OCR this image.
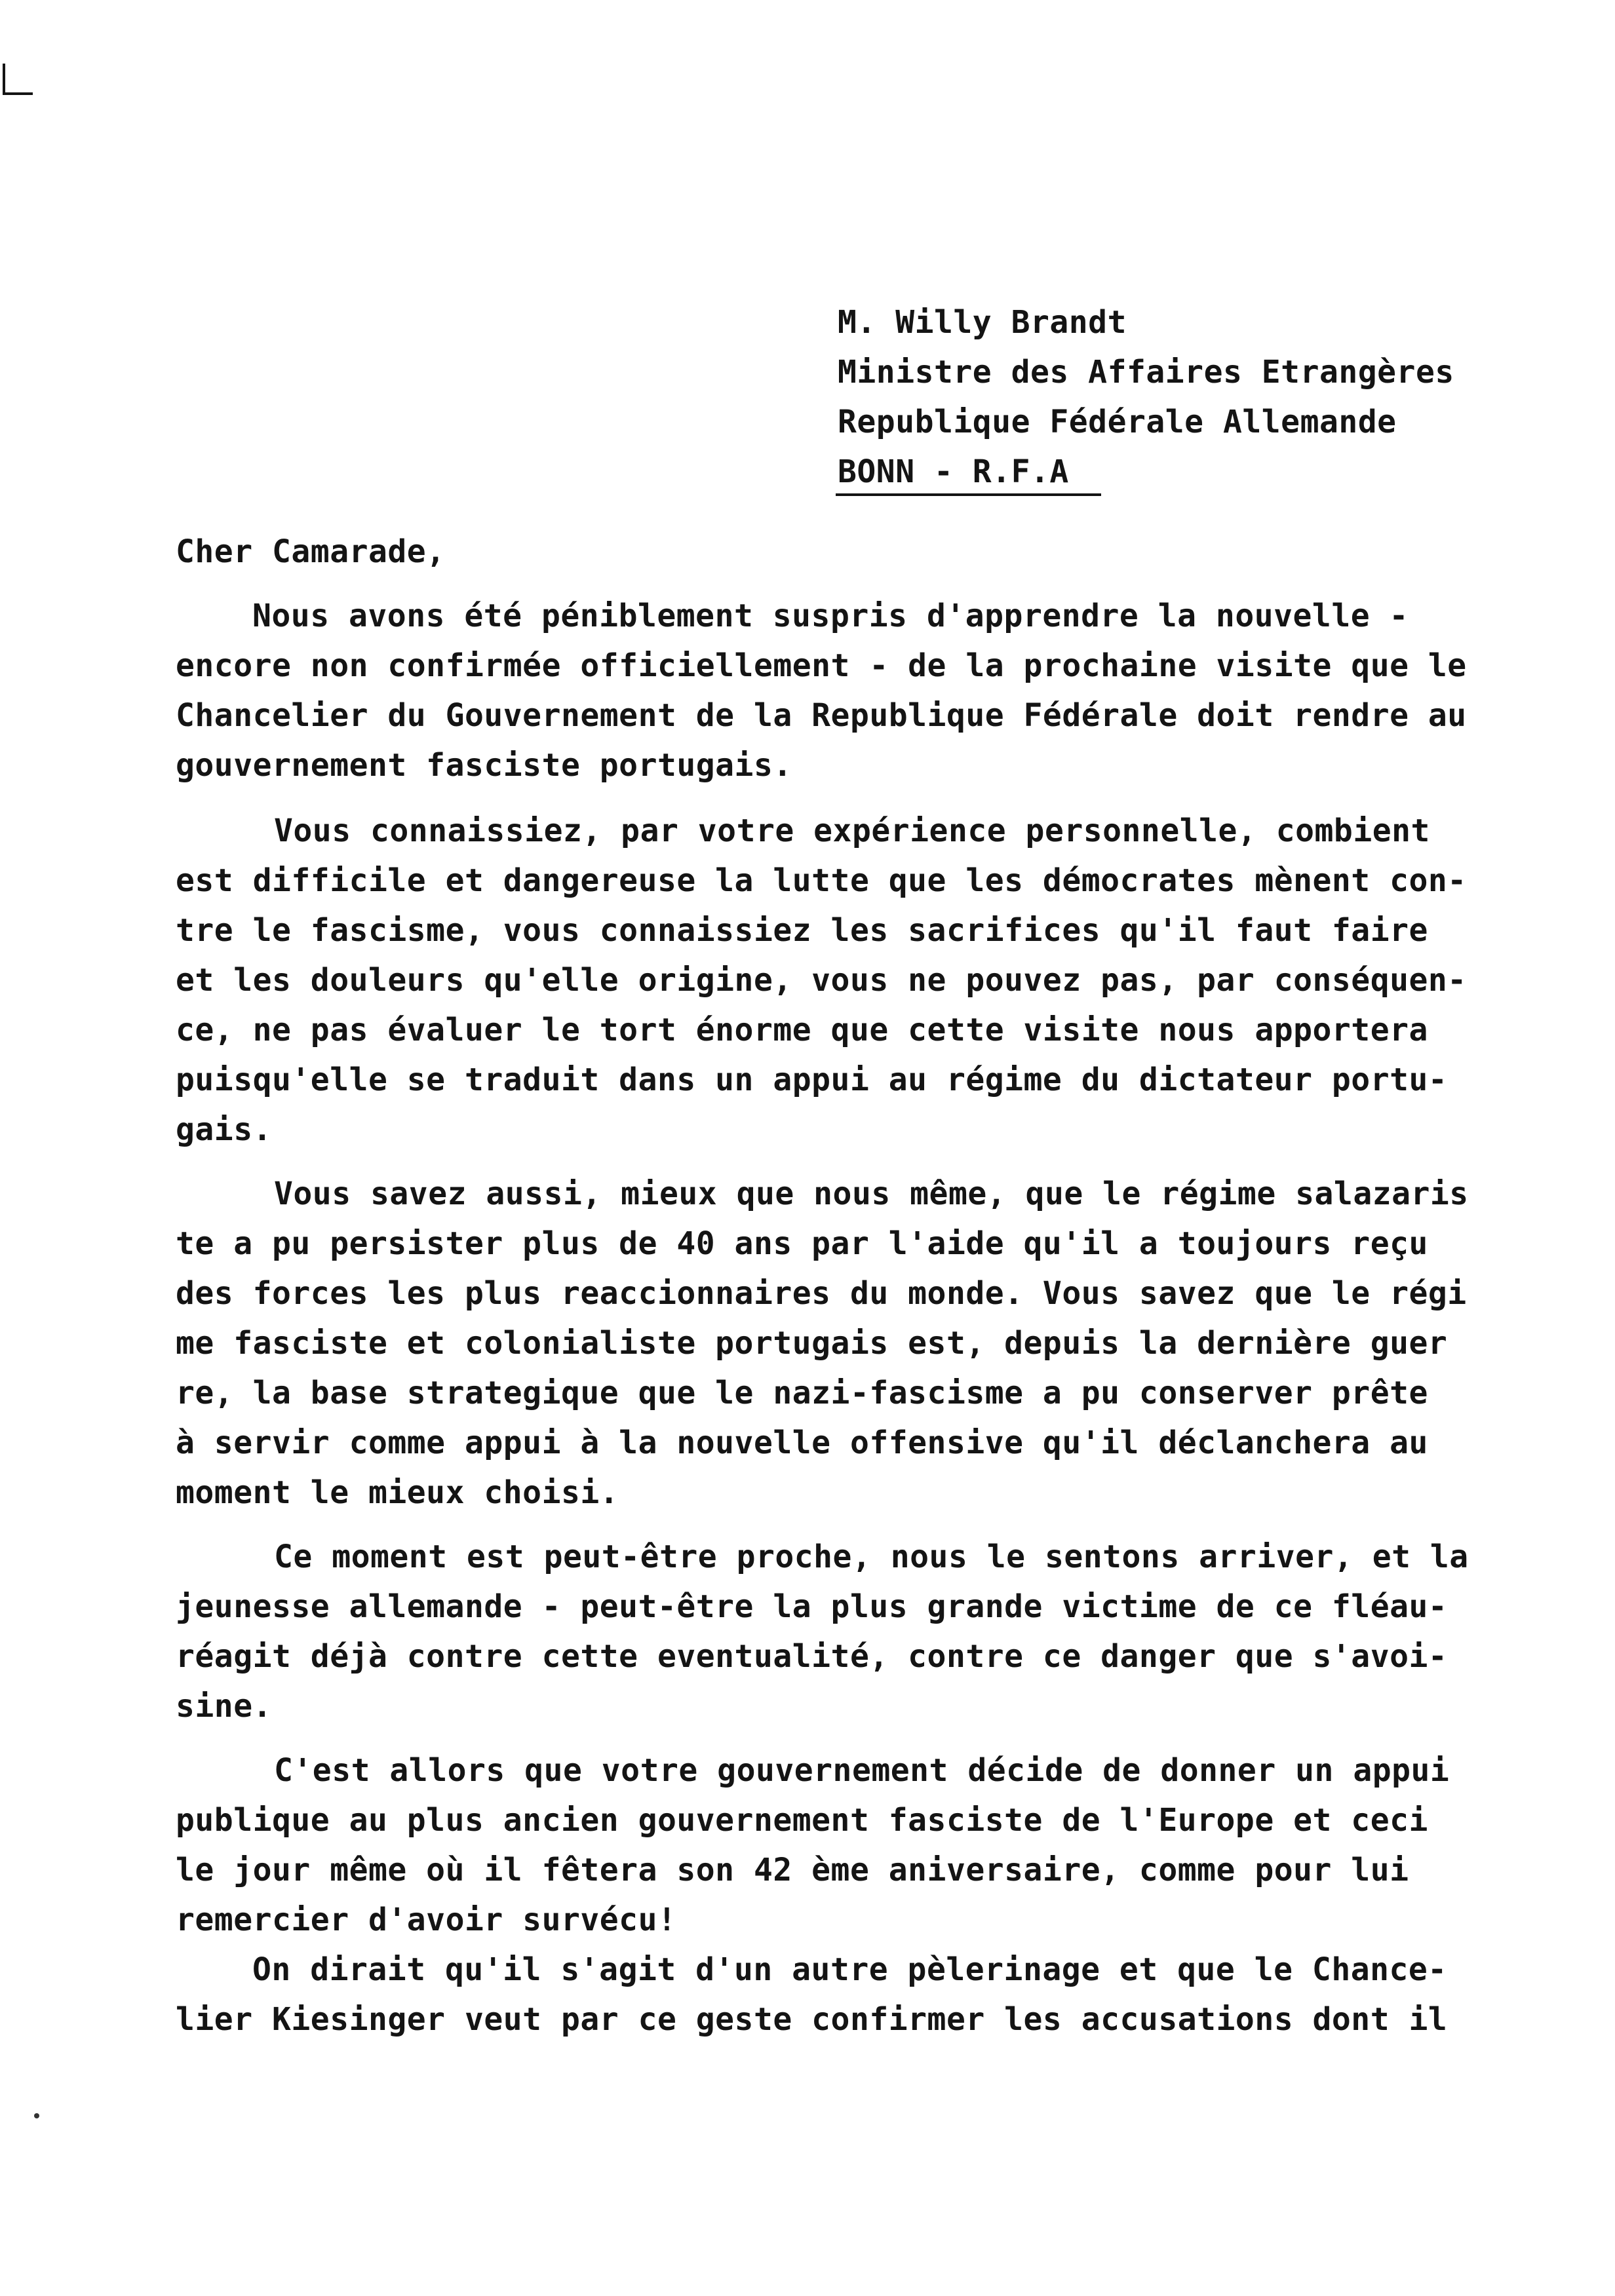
M. Willy Brandt
Ministre des Affaires Etrangères
Republique Fédérale Allemande
BONN - R.F.A
Cher Camarade,
Nous avons été péniblement suspris d'apprendre la nouvelle -
encore non confirmée officiellement - de la prochaine visite que le
Chancelier du Gouvernement de la Republique Fédérale doit rendre au
gouvernement fasciste portugais.
Vous connaissiez, par votre expérience personnelle, combient
est difficile et dangereuse la lutte que les démocrates mènent con-
tre le fascisme, vous connaissiez les sacrifices qu'il faut faire
et les douleurs qu'elle origine, vous ne pouvez pas, par conséquen-
ce, ne pas évaluer le tort énorme que cette visite nous apportera
puisqu'elle se traduit dans un appui au régime du dictateur portu-
gais.
Vous savez aussi, mieux que nous même, que le régime salazaris
te a pu persister plus de 40 ans par l'aide qu'il a toujours reçu
des forces les plus reaccionnaires du monde. Vous savez que le régi
me fasciste et colonialiste portugais est, depuis la dernière guer
re, la base strategique que le nazi-fascisme a pu conserver prête
à servir comme appui à la nouvelle offensive qu'il déclanchera au
moment le mieux choisi.
Ce moment est peut-être proche, nous le sentons arriver, et la
jeunesse allemande - peut-être la plus grande victime de ce fléau-
réagit déjà contre cette eventualité, contre ce danger que s'avoi-
sine.
C'est allors que votre gouvernement décide de donner un appui
publique au plus ancien gouvernement fasciste de l'Europe et ceci
le jour même où il fêtera son 42 ème aniversaire, comme pour lui
remercier d'avoir survécu!
On dirait qu'il s'agit d'un autre pèlerinage et que le Chance-
lier Kiesinger veut par ce geste confirmer les accusations dont il
